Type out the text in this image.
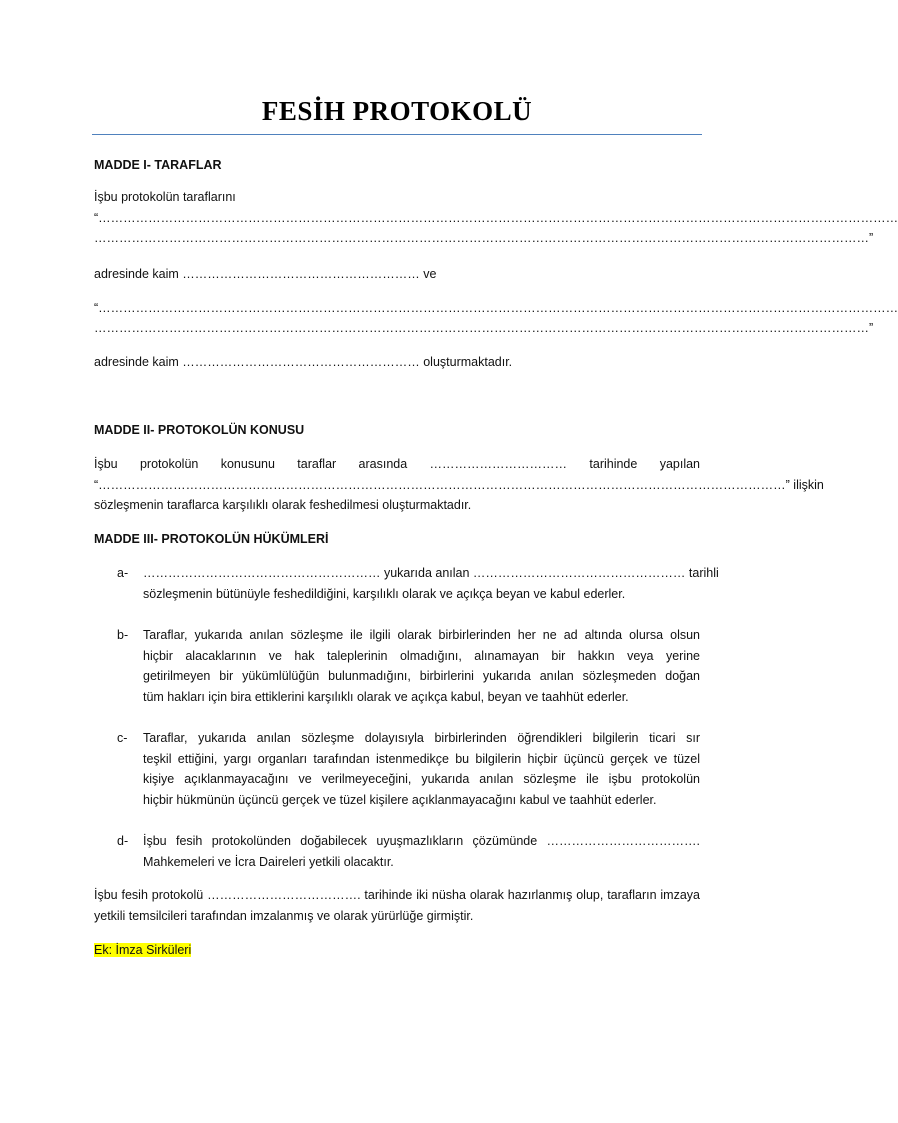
FESİH PROTOKOLÜ
MADDE I- TARAFLAR
İşbu protokolün taraflarını
“…………………………………………………………………………………………………………………………………………………………………………
……………………………………………………………………………………………………………………………………………………………………”
adresinde kaim ………………………………………………… ve
“…………………………………………………………………………………………………………………………………………………………………………
……………………………………………………………………………………………………………………………………………………………………”
adresinde kaim ………………………………………………… oluşturmaktadır.
MADDE II- PROTOKOLÜN KONUSU
İşbu protokolün konusunu taraflar arasında …………………………… tarihinde yapılan
“…………………………………………………………………………………………………………………………………………………” ilişkin
sözleşmenin taraflarca karşılıklı olarak feshedilmesi oluşturmaktadır.
MADDE III- PROTOKOLÜN HÜKÜMLERİ
a- ………………………………………………… yukarıda anılan …………………………………………… tarihli
sözleşmenin bütünüyle feshedildiğini, karşılıklı olarak ve açıkça beyan ve kabul ederler.
b- Taraflar, yukarıda anılan sözleşme ile ilgili olarak birbirlerinden her ne ad altında olursa olsun
hiçbir alacaklarının ve hak taleplerinin olmadığını, alınamayan bir hakkın veya yerine
getirilmeyen bir yükümlülüğün bulunmadığını, birbirlerini yukarıda anılan sözleşmeden doğan
tüm hakları için bira ettiklerini karşılıklı olarak ve açıkça kabul, beyan ve taahhüt ederler.
c- Taraflar, yukarıda anılan sözleşme dolayısıyla birbirlerinden öğrendikleri bilgilerin ticari sır
teşkil ettiğini, yargı organları tarafından istenmedikçe bu bilgilerin hiçbir üçüncü gerçek ve tüzel
kişiye açıklanmayacağını ve verilmeyeceğini, yukarıda anılan sözleşme ile işbu protokolün
hiçbir hükmünün üçüncü gerçek ve tüzel kişilere açıklanmayacağını kabul ve taahhüt ederler.
d- İşbu fesih protokolünden doğabilecek uyuşmazlıkların çözümünde ……………………………….
Mahkemeleri ve İcra Daireleri yetkili olacaktır.
İşbu fesih protokolü ………………………………. tarihinde iki nüsha olarak hazırlanmış olup, tarafların imzaya
yetkili temsilcileri tarafından imzalanmış ve olarak yürürlüğe girmiştir.
Ek: İmza Sirküleri
